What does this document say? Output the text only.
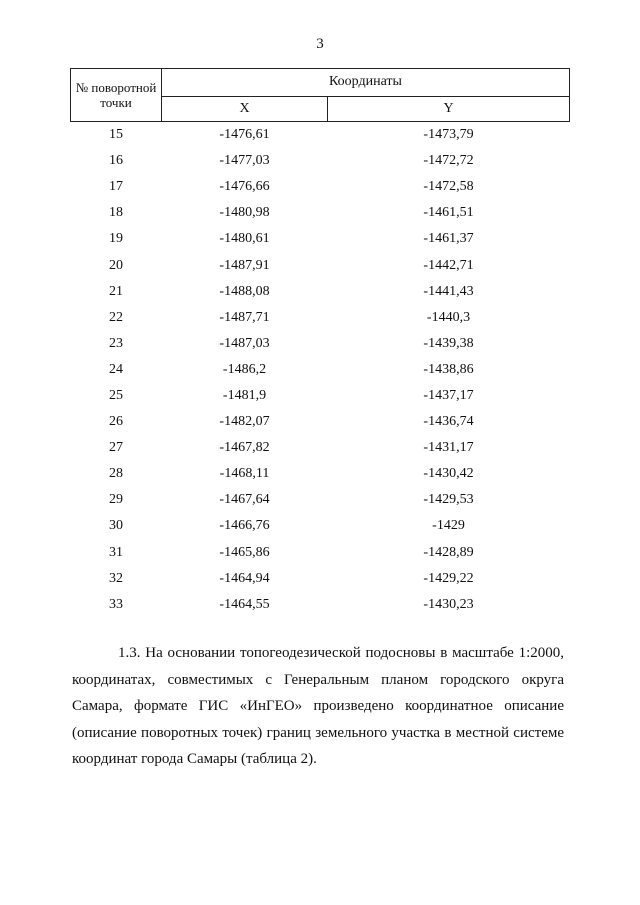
3
№ поворотной точки	Координаты	
	X	Y
15	-1476,61	-1473,79
16	-1477,03	-1472,72
17	-1476,66	-1472,58
18	-1480,98	-1461,51
19	-1480,61	-1461,37
20	-1487,91	-1442,71
21	-1488,08	-1441,43
22	-1487,71	-1440,3
23	-1487,03	-1439,38
24	-1486,2	-1438,86
25	-1481,9	-1437,17
26	-1482,07	-1436,74
27	-1467,82	-1431,17
28	-1468,11	-1430,42
29	-1467,64	-1429,53
30	-1466,76	-1429
31	-1465,86	-1428,89
32	-1464,94	-1429,22
33	-1464,55	-1430,23

1.3. На основании топогеодезической подосновы в масштабе 1:2000, координатах, совместимых с Генеральным планом городского округа Самара, формате ГИС «ИнГЕО» произведено координатное описание (описание поворотных точек) границ земельного участка в местной системе координат города Самары (таблица 2).
